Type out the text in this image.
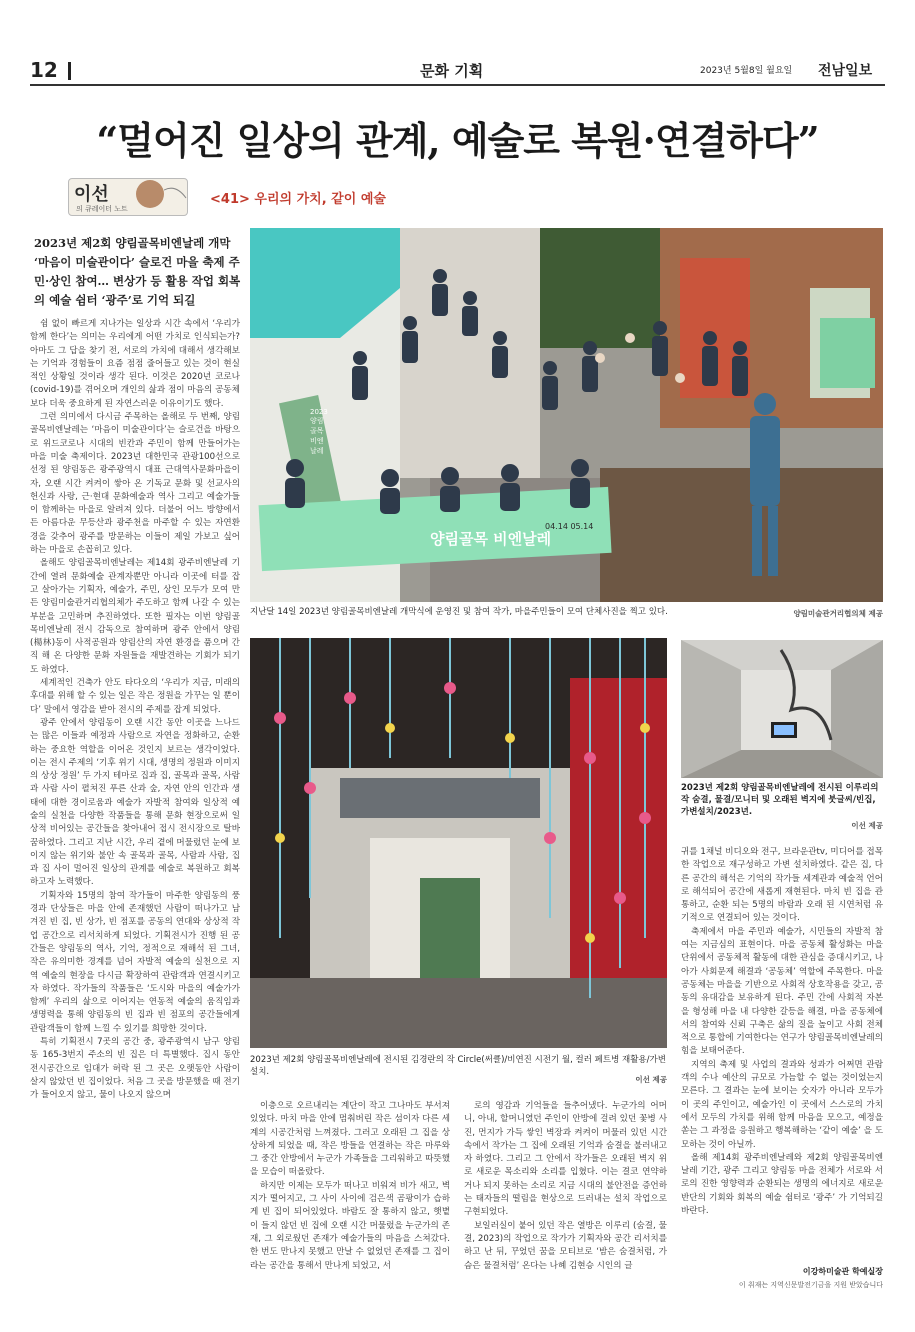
12	문화 기획	2023년 5월8일 월요일 전남일보
“멀어진 일상의 관계, 예술로 복원·연결하다”
이선
의 큐레이터 노트
<41> 우리의 가치, 같이 예술
2023년 제2회 양림골목비엔날레 개막 ‘마음이 미술관이다’ 슬로건 마을 축제 주민·상인 참여… 변상가 등 활용 작업 회복의 예술 쉼터 ‘광주’로 기억 되길
양림골목 비엔날레
04.14 05.14
2023 양림골목 비엔날레
지난달 14일 2023년 양림골목비엔날레 개막식에 운영진 및 참여 작가, 마을주민들이 모여 단체사진을 찍고 있다.	양림미술관거리협의체 제공
2023년 제2회 양림골목비엔날레에 전시된 김경란의 작 Circle(써클)/비연진 시전기 월, 컬러 페트병 재활용/가변설치.
이선 제공
2023년 제2회 양림골목비엔날레에 전시된 이루리의 작 숨결, 물결/모니터 및 오래된 벽지에 붓글씨/빈집, 가변설치/2023년.
이선 제공

쉼 없이 빠르게 지나가는 일상과 시간 속에서 ‘우리가 함께 한다’는 의미는 우리에게 어떤 가치로 인식되는가? 아마도 그 답을 찾기 전, 서로의 가치에 대해서 생각해보는 기억과 경험들이 요즘 점점 줄어들고 있는 것이 현실적인 상황일 것이라 생각 된다. 이것은 2020년 코로나(covid-19)를 겪어오며 개인의 삶과 점이 마음의 공동체 보다 더욱 중요하게 된 자연스러운 이유이기도 했다.

그런 의미에서 다시금 주목하는 올해로 두 번째, 양림골목비엔날레는 ‘마음이 미술관이다’는 슬로건을 바탕으로 위드코로나 시대의 빈칸과 주민이 함께 만들어가는 마을 미술 축제이다. 2023년 대한민국 관광100선으로 선정 된 양림동은 광주광역시 대표 근대역사문화마을이자, 오랜 시간 켜켜이 쌓아 온 기독교 문화 및 선교사의 헌신과 사랑, 근·현대 문화예술과 역사 그리고 예술가들이 함께하는 마을로 알려져 있다. 더불어 어느 방향에서든 아름다운 무등산과 광주천을 마주할 수 있는 자연환경을 갖추어 광주를 방문하는 이들이 제일 가보고 싶어 하는 마을로 손꼽히고 있다.

올해도 양림골목비엔날레는 제14회 광주비엔날레 기간에 열려 문화예술 관계자뿐만 아니라 이곳에 터를 잡고 살아가는 기획자, 예술가, 주민, 상인 모두가 모여 만든 양림미술관거리협의체가 주도하고 함께 나갈 수 있는 부분을 고민하며 추진하였다. 또한 필자는 이번 양림골목비엔날레 전시 감독으로 참여하며 광주 안에서 양림(楊林)동이 사적공원과 양림산의 자연 환경을 품으며 간직 해 온 다양한 문화 자원들을 재발견하는 기회가 되기도 하였다.

세계적인 건축가 안도 타다오의 ‘우리가 지금, 미래의 후대를 위해 할 수 있는 일은 작은 정원을 가꾸는 일 뿐이다’ 말에서 영감을 받아 전시의 주제를 잡게 되었다.

광주 안에서 양림동이 오랜 시간 동안 이곳을 느나드는 많은 이들과 예정과 사람으로 자연을 정화하고, 순환하는 중요한 역할을 이어온 것인지 보르는 생각이었다. 이는 전시 주제의 ‘기후 위기 시대, 생명의 정원과 이미지의 상상 정원’ 두 가지 테마로 집과 집, 골목과 골목, 사람과 사람 사이 펼쳐진 푸른 산과 숲, 자연 안의 인간과 생태에 대한 경이로움과 예술가 자발적 참여와 일상적 예술의 실천을 다양한 작품들을 통해 문화 현장으로써 일상적 비어있는 공간들을 찾아내어 접시 전시장으로 탈바꿈하였다. 그리고 지난 시간, 우리 곁에 머물렀던 눈에 보이지 않는 위기와 불안 속 골목과 골목, 사람과 사람, 집과 집 사이 멀어진 일상의 관계를 예술로 복원하고 회복하고자 노력했다.

기획자와 15명의 참여 작가들이 마주한 양림동의 풍경과 단상들은 마을 안에 존재했던 사람이 떠나가고 남겨진 빈 집, 빈 상가, 빈 점포를 공동의 연대와 상상적 작업 공간으로 리서치하게 되었다. 기획전시가 진행 된 공간들은 양림동의 역사, 기억, 정적으로 재해석 된 그녀, 작은 유의미한 경계를 넘어 자발적 예술의 실천으로 지역 예술의 현장을 다시금 확장하여 관람객과 연결시키고자 하였다. 작가들의 작품들은 ‘도시와 마을의 예술가가 함께’ 우리의 삶으로 이어지는 연동적 예술의 움직임과 생명력을 통해 양림동의 빈 집과 빈 점포의 공간들에게 관람객들이 함께 느낄 수 있기를 희망한 것이다.

특히 기획전시 7곳의 공간 중, 광주광역시 남구 양림동 165-3번지 주소의 빈 집은 더 특별했다. 집시 동안 전시공간으로 임대가 허락 된 그 곳은 오랫동안 사람이 살지 않았던 빈 집이었다. 처음 그 곳을 방문했을 때 전기가 들어오지 않고, 물이 나오지 않으며

이층으로 오르내리는 계단이 작고 그나마도 부서져 있었다. 마치 마을 안에 멈춰버린 작은 섬이자 다른 세계의 시공간처럼 느껴졌다. 그러고 오래된 그 집을 상상하게 되었을 때, 작은 방들을 연결하는 작은 마루와 그 중간 안방에서 누군가 가족들을 그리워하고 따뜻했을 모습이 떠올랐다.

하지만 이제는 모두가 떠나고 비워져 비가 새고, 벽지가 떨어지고, 그 사이 사이에 검은색 곰팡이가 습하게 빈 집이 되어있었다. 바람도 잘 통하지 않고, 햇볕이 들지 않던 빈 집에 오랜 시간 머물렀을 누군가의 존재, 그 외로웠던 존재가 예술가들의 마음을 스쳐갔다. 한 번도 만나지 못했고 만날 수 없었던 존재를 그 집이라는 공간을 통해서 만나게 되었고, 서

로의 영감과 기억들을 들추어냈다. 누군가의 어머니, 아내, 할머니였던 주인이 안방에 걸려 있던 꽃병 사진, 먼지가 가득 쌓인 벽장과 켜켜이 머물러 있던 시간 속에서 작가는 그 집에 오래된 기억과 숨결을 불러내고자 하였다. 그리고 그 안에서 작가들은 오래된 벽지 위로 새로운 목소리와 소리를 입혔다. 이는 결코 연약하거나 되지 못하는 소리로 지금 시대의 불안전을 증언하는 태자들의 떨림을 현상으로 드러내는 설치 작업으로 구현되었다.

보일러실이 붙어 있던 작은 열방은 이루리 (숨결, 물결, 2023)의 작업으로 작가가 기획자와 공간 리서치를 하고 난 뒤, 꾸었던 꿈을 모티브로 ‘밤은 숨결처럼, 가슴은 물결처럼’ 온다는 나혜 김현승 시인의 글

귀를 1채널 비디오와 전구, 브라운관tv, 미디어를 접목 한 작업으로 재구성하고 가변 설치하였다. 같은 집, 다른 공간의 해석은 기억의 작가들 세계관과 예술적 언어로 해석되어 공간에 새롭게 재현된다. 마치 빈 집을 관통하고, 순환 되는 5명의 바람과 오래 된 시연처럼 유기적으로 연결되어 있는 것이다.

축제에서 마을 주민과 예술가, 시민들의 자발적 참여는 지금심의 표현이다. 마을 공동체 활성화는 마을 단위에서 공동체적 활동에 대한 관심을 증대시키고, 나아가 사회문제 해결과 ‘공동체’ 역할에 주목한다. 마을 공동체는 마을을 기반으로 사회적 상호작용을 갖고, 공동의 유대감을 보유하게 된다. 주민 간에 사회적 자본을 형성해 마을 내 다양한 갈등을 해결, 마을 공동체에서의 참여와 신뢰 구축은 삶의 질을 높이고 사회 전체적으로 통합에 기여한다는 연구가 양림골목비엔날레의 힘을 보태어준다.

지역의 축제 및 사업의 결과와 성과가 어쩌면 관람객의 수나 예산의 규모로 가늠할 수 없는 것이었는지 모른다. 그 결과는 눈에 보이는 숫자가 아니라 모두가 이 곳의 주인이고, 예술가인 이 곳에서 스스로의 가치에서 모두의 가치를 위해 함께 마음을 모으고, 예정을 쏟는 그 과정을 응원하고 행복해하는 ‘같이 예술’ 을 도모하는 것이 아닐까.

올해 제14회 광주비엔날레와 제2회 양림골목비엔날레 기간, 광주 그리고 양림동 마을 전체가 서로와 서로의 진한 영향력과 순환되는 생명의 에너지로 새로운 반단의 기회와 회복의 예술 쉼터로 ‘광주’ 가 기억되길 바란다.

이강하미술관 학예실장
이 취재는 지역신문발전기금을 지원 받았습니다
